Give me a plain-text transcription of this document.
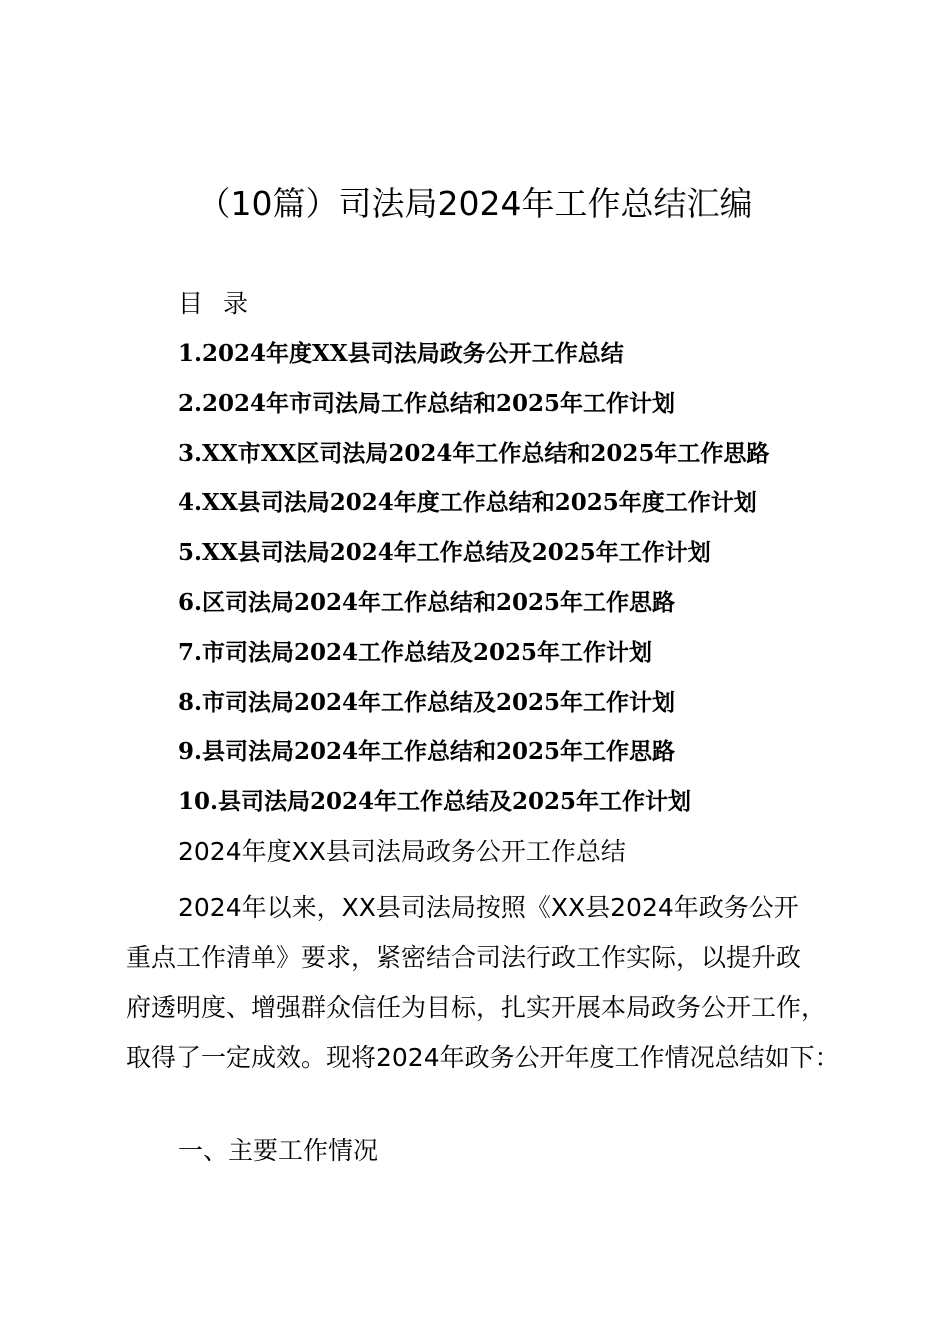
（10篇）司法局2024年工作总结汇编
目 录
1.2024年度XX县司法局政务公开工作总结
2.2024年市司法局工作总结和2025年工作计划
3.XX市XX区司法局2024年工作总结和2025年工作思路
4.XX县司法局2024年度工作总结和2025年度工作计划
5.XX县司法局2024年工作总结及2025年工作计划
6.区司法局2024年工作总结和2025年工作思路
7.市司法局2024工作总结及2025年工作计划
8.市司法局2024年工作总结及2025年工作计划
9.县司法局2024年工作总结和2025年工作思路
10.县司法局2024年工作总结及2025年工作计划
2024年度XX县司法局政务公开工作总结
2024年以来，XX县司法局按照《XX县2024年政务公开
重点工作清单》要求，紧密结合司法行政工作实际，以提升政
府透明度、增强群众信任为目标，扎实开展本局政务公开工作，
取得了一定成效。现将2024年政务公开年度工作情况总结如下：
一、主要工作情况
